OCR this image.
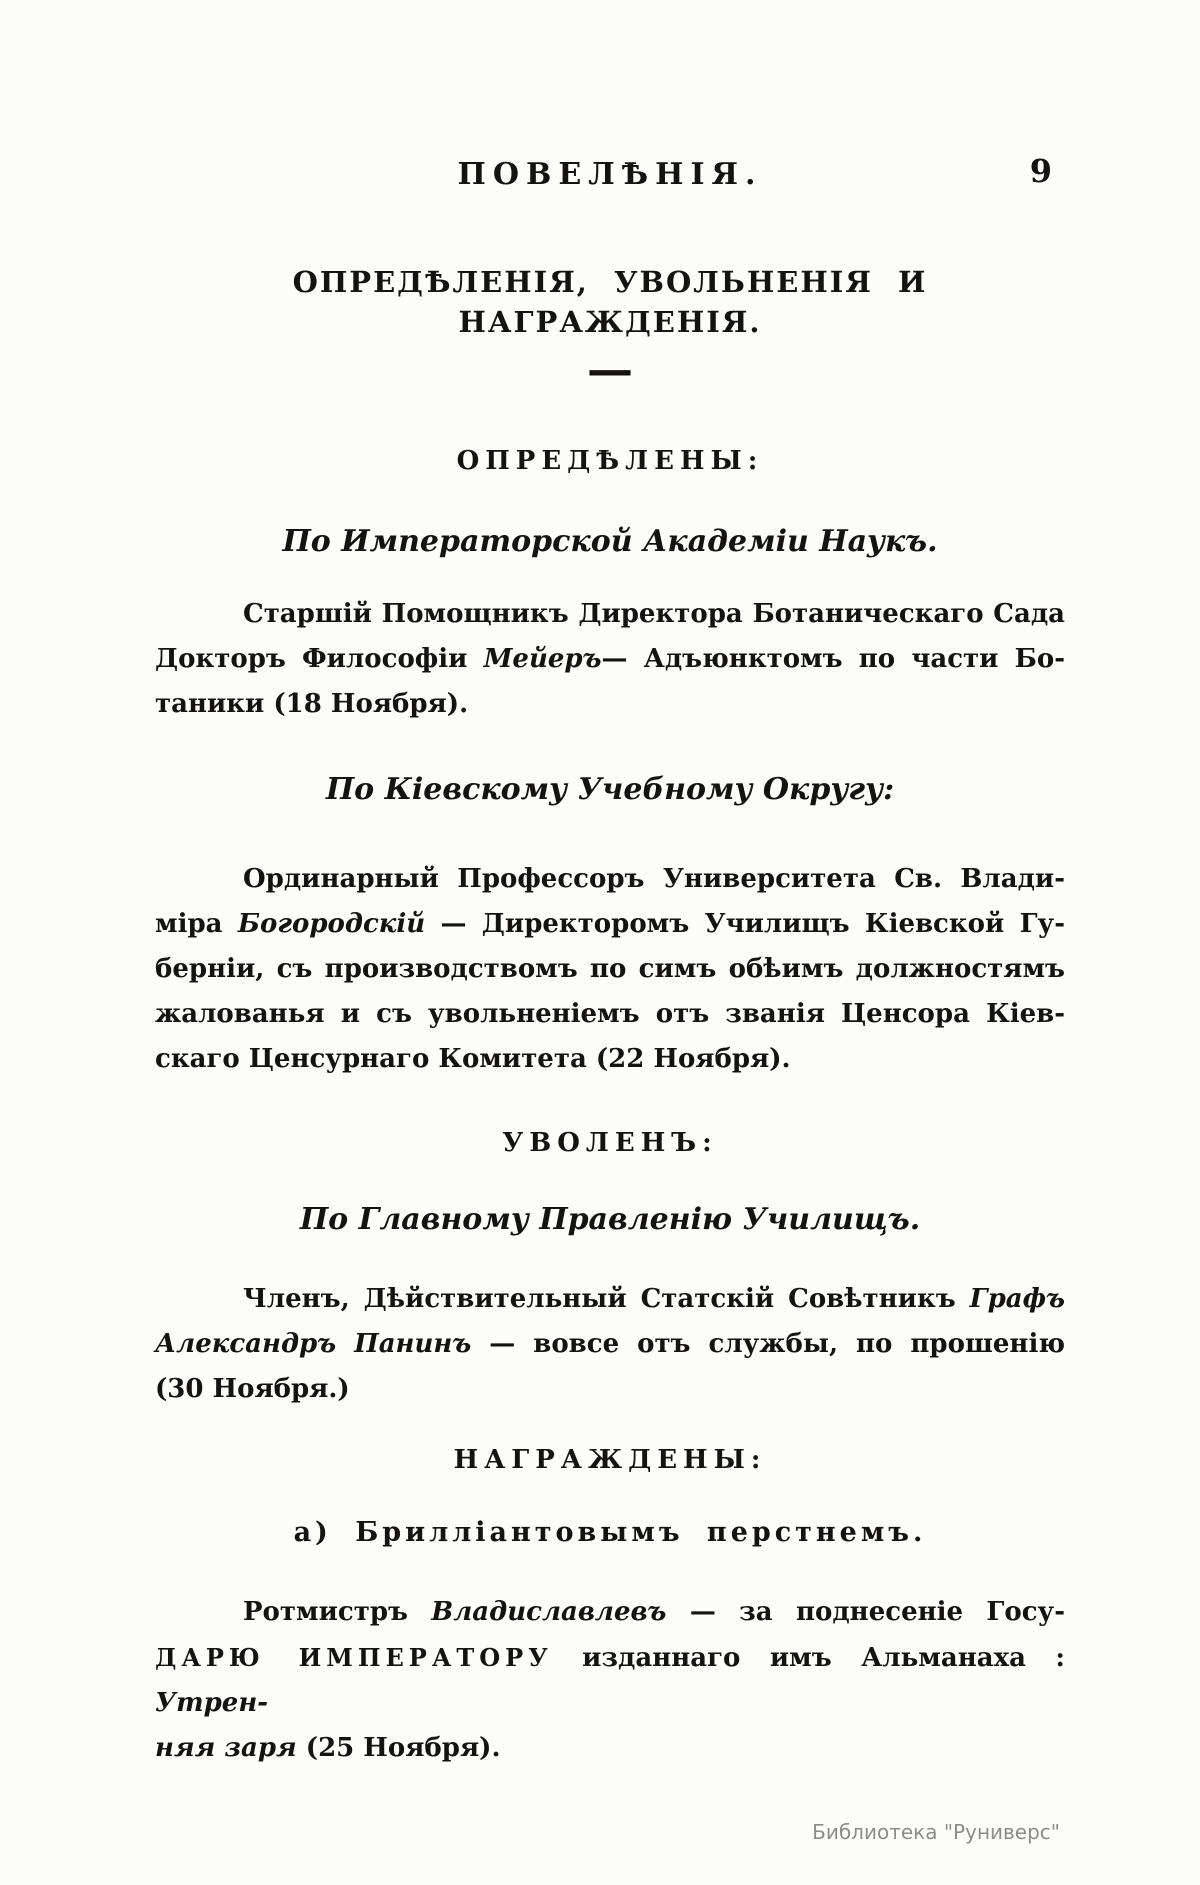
ПОВЕЛѢНІЯ.	9
ОПРЕДѢЛЕНІЯ, УВОЛЬНЕНІЯ И НАГРАЖДЕНІЯ.
—
ОПРЕДѢЛЕНЫ:
По Императорской Академіи Наукъ.
Старшій Помощникъ Директора Ботаническаго Сада
Докторъ Философіи Мейеръ— Адъюнктомъ по части Бо-
таники (18 Ноября).
По Кіевскому Учебному Округу:
Ординарный Профессоръ Университета Св. Влади-
міра Богородскій — Директоромъ Училищъ Кіевской Гу-
берніи, съ производствомъ по симъ обѣимъ должностямъ
жалованья и съ увольненіемъ отъ званія Ценсора Кіев-
скаго Ценсурнаго Комитета (22 Ноября).
УВОЛЕНЪ:
По Главному Правленію Училищъ.
Членъ, Дѣйствительный Статскій Совѣтникъ Графъ
Александръ Панинъ — вовсе отъ службы, по прошенію
(30 Ноября.)
НАГРАЖДЕНЫ:
а) Брилліантовымъ перстнемъ.
Ротмистръ Владиславлевъ — за поднесеніе Госу-
ДАРЮ ИМПЕРАТОРУ изданнаго имъ Альманаха : Утрен-
няя заря (25 Ноября).
Библиотека "Руниверс"
